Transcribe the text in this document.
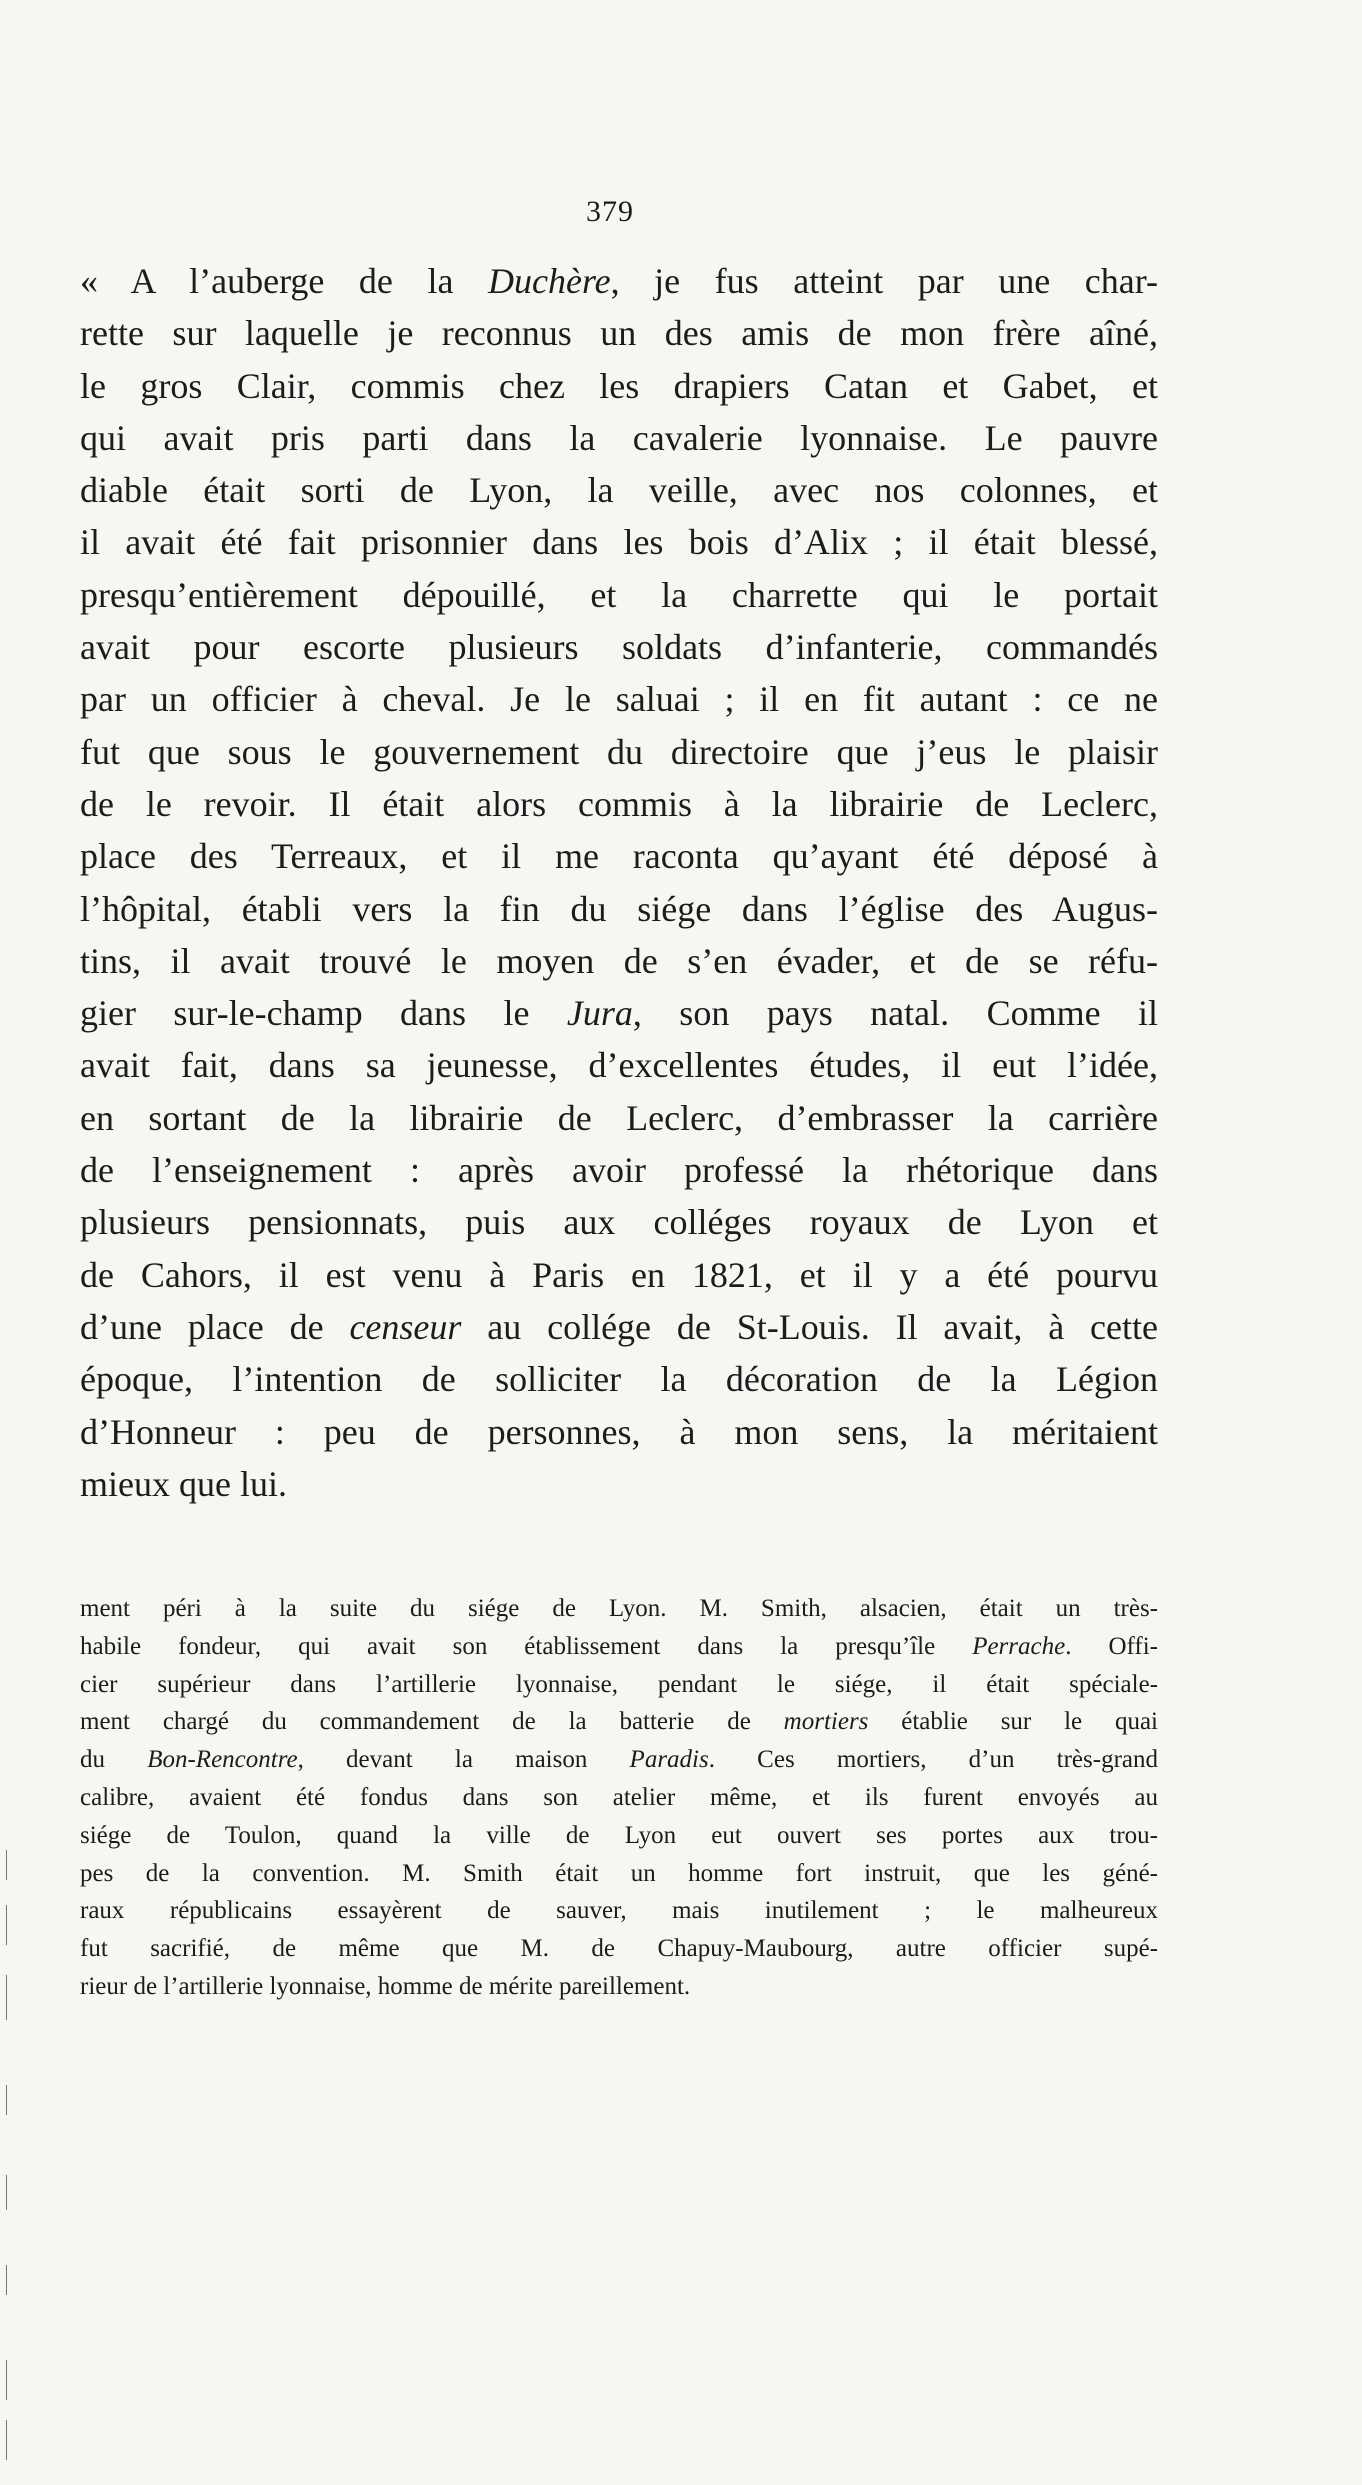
379
« A l’auberge de la Duchère, je fus atteint par une char-
rette sur laquelle je reconnus un des amis de mon frère aîné,
le gros Clair, commis chez les drapiers Catan et Gabet, et
qui avait pris parti dans la cavalerie lyonnaise. Le pauvre
diable était sorti de Lyon, la veille, avec nos colonnes, et
il avait été fait prisonnier dans les bois d’Alix ; il était blessé,
presqu’entièrement dépouillé, et la charrette qui le portait
avait pour escorte plusieurs soldats d’infanterie, commandés
par un officier à cheval. Je le saluai ; il en fit autant : ce ne
fut que sous le gouvernement du directoire que j’eus le plaisir
de le revoir. Il était alors commis à la librairie de Leclerc,
place des Terreaux, et il me raconta qu’ayant été déposé à
l’hôpital, établi vers la fin du siége dans l’église des Augus-
tins, il avait trouvé le moyen de s’en évader, et de se réfu-
gier sur-le-champ dans le Jura, son pays natal. Comme il
avait fait, dans sa jeunesse, d’excellentes études, il eut l’idée,
en sortant de la librairie de Leclerc, d’embrasser la carrière
de l’enseignement : après avoir professé la rhétorique dans
plusieurs pensionnats, puis aux colléges royaux de Lyon et
de Cahors, il est venu à Paris en 1821, et il y a été pourvu
d’une place de censeur au collége de St-Louis. Il avait, à cette
époque, l’intention de solliciter la décoration de la Légion
d’Honneur : peu de personnes, à mon sens, la méritaient
mieux que lui.
ment péri à la suite du siége de Lyon. M. Smith, alsacien, était un très-
habile fondeur, qui avait son établissement dans la presqu’île Perrache. Offi-
cier supérieur dans l’artillerie lyonnaise, pendant le siége, il était spéciale-
ment chargé du commandement de la batterie de mortiers établie sur le quai
du Bon-Rencontre, devant la maison Paradis. Ces mortiers, d’un très-grand
calibre, avaient été fondus dans son atelier même, et ils furent envoyés au
siége de Toulon, quand la ville de Lyon eut ouvert ses portes aux trou-
pes de la convention. M. Smith était un homme fort instruit, que les géné-
raux républicains essayèrent de sauver, mais inutilement ; le malheureux
fut sacrifié, de même que M. de Chapuy-Maubourg, autre officier supé-
rieur de l’artillerie lyonnaise, homme de mérite pareillement.
